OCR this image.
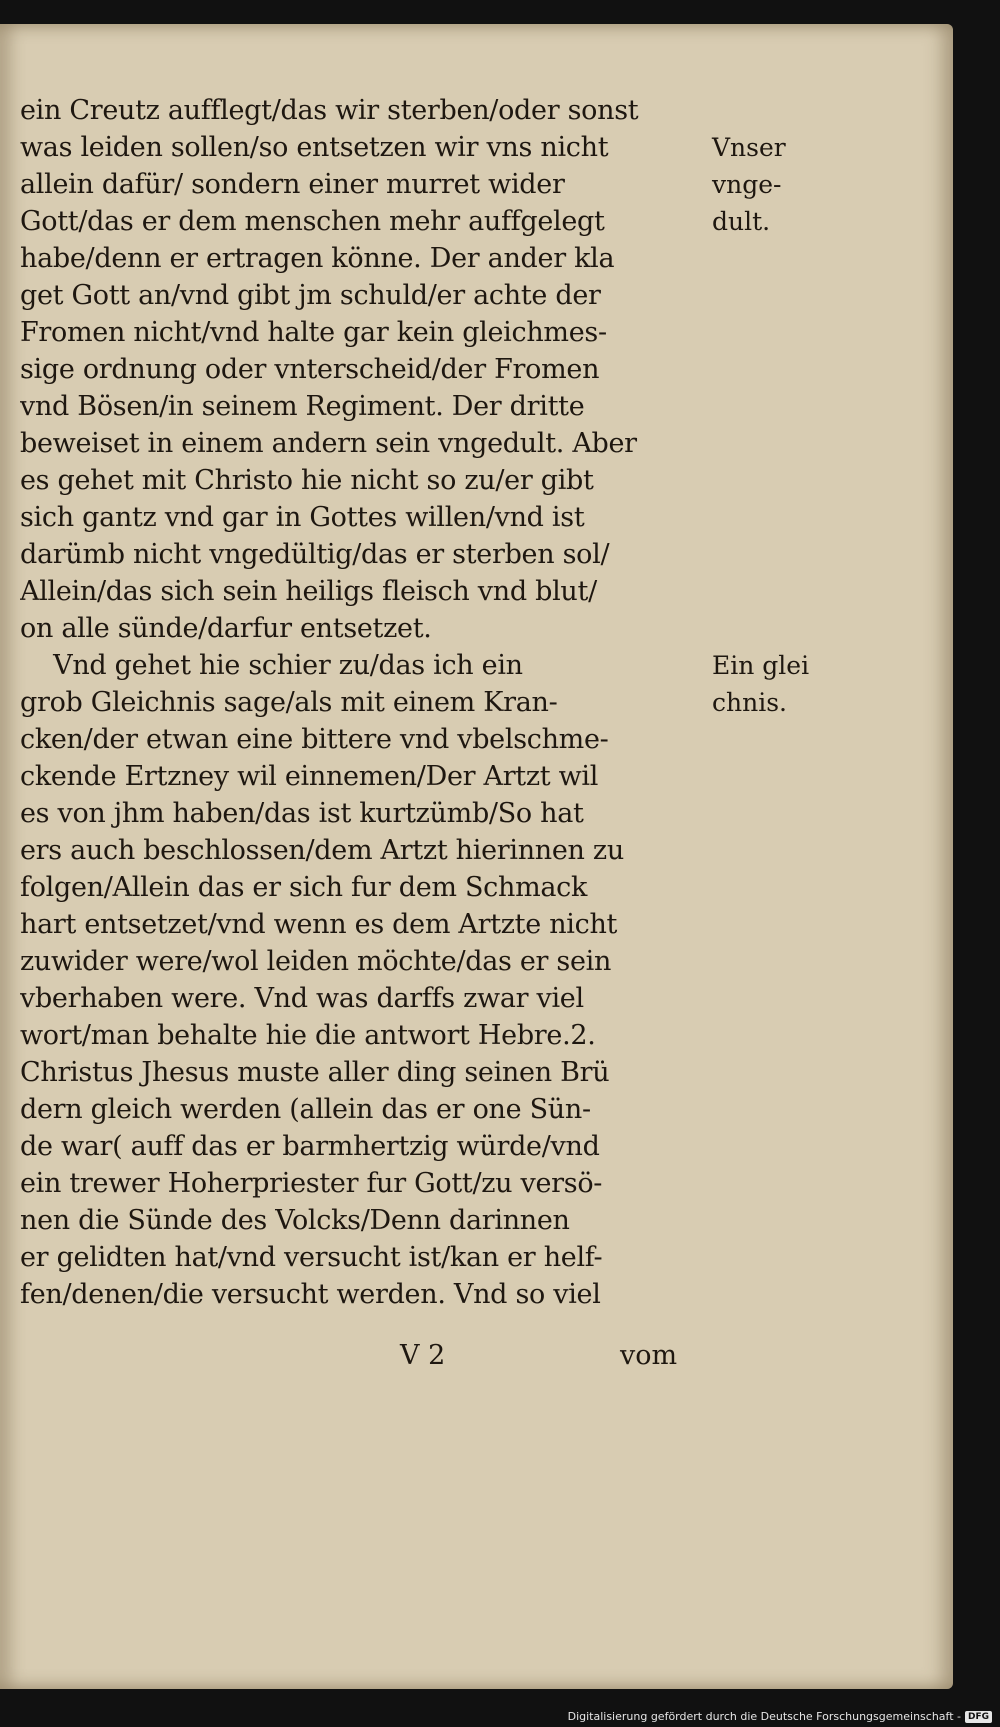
ein Creutz aufflegt/das wir sterben/oder sonst
was leiden sollen/so entsetzen wir vns nicht
allein dafür/ sondern einer murret wider
Gott/das er dem menschen mehr auffgelegt
habe/denn er ertragen könne. Der ander kla
get Gott an/vnd gibt jm schuld/er achte der
Fromen nicht/vnd halte gar kein gleichmes-
sige ordnung oder vnterscheid/der Fromen
vnd Bösen/in seinem Regiment. Der dritte
beweiset in einem andern sein vngedult. Aber
es gehet mit Christo hie nicht so zu/er gibt
sich gantz vnd gar in Gottes willen/vnd ist
darümb nicht vngedültig/das er sterben sol/
Allein/das sich sein heiligs fleisch vnd blut/
on alle sünde/darfur entsetzet.
Vnd gehet hie schier zu/das ich ein
grob Gleichnis sage/als mit einem Kran-
cken/der etwan eine bittere vnd vbelschme-
ckende Ertzney wil einnemen/Der Artzt wil
es von jhm haben/das ist kurtzümb/So hat
ers auch beschlossen/dem Artzt hierinnen zu
folgen/Allein das er sich fur dem Schmack
hart entsetzet/vnd wenn es dem Artzte nicht
zuwider were/wol leiden möchte/das er sein
vberhaben were. Vnd was darffs zwar viel
wort/man behalte hie die antwort Hebre.2.
Christus Jhesus muste aller ding seinen Brü
dern gleich werden (allein das er one Sün-
de war( auff das er barmhertzig würde/vnd
ein trewer Hoherpriester fur Gott/zu versö-
nen die Sünde des Volcks/Denn darinnen
er gelidten hat/vnd versucht ist/kan er helf-
fen/denen/die versucht werden. Vnd so viel
Vnser
vnge-
dult.
Ein glei
chnis.
V 2	vom
Digitalisierung gefördert durch die Deutsche Forschungsgemeinschaft - DFG
